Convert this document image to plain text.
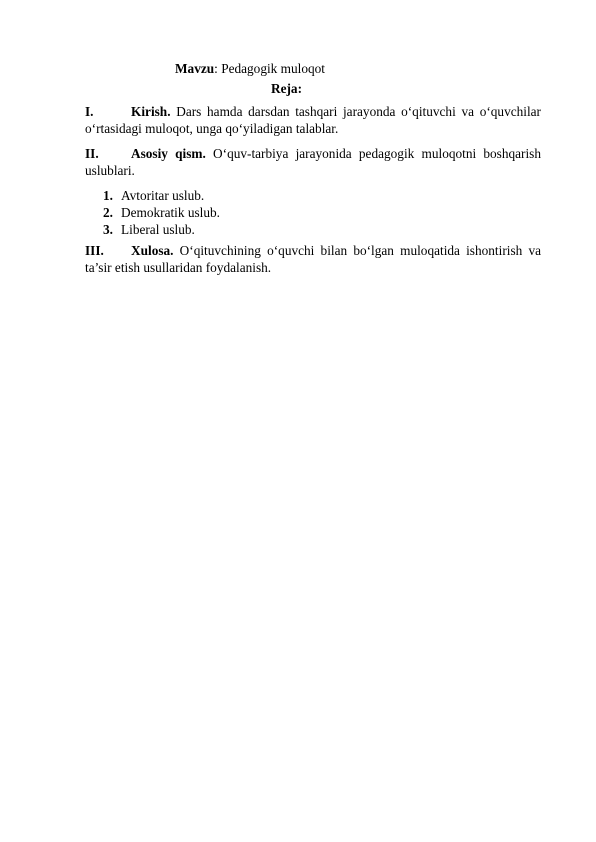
Mavzu: Pedagogik muloqot
Reja:
I.	Kirish. Dars hamda darsdan tashqari jarayonda o‘qituvchi va o‘quvchilar o‘rtasidagi muloqot, unga qo‘yiladigan talablar.
II. Asosiy qism. O‘quv-tarbiya jarayonida pedagogik muloqotni boshqarish uslublari.
1. Avtoritar uslub.
2. Demokratik uslub.
3. Liberal uslub.
III. Xulosa. O‘qituvchining o‘quvchi bilan bo‘lgan muloqatida ishontirish va ta’sir etish usullaridan foydalanish.
